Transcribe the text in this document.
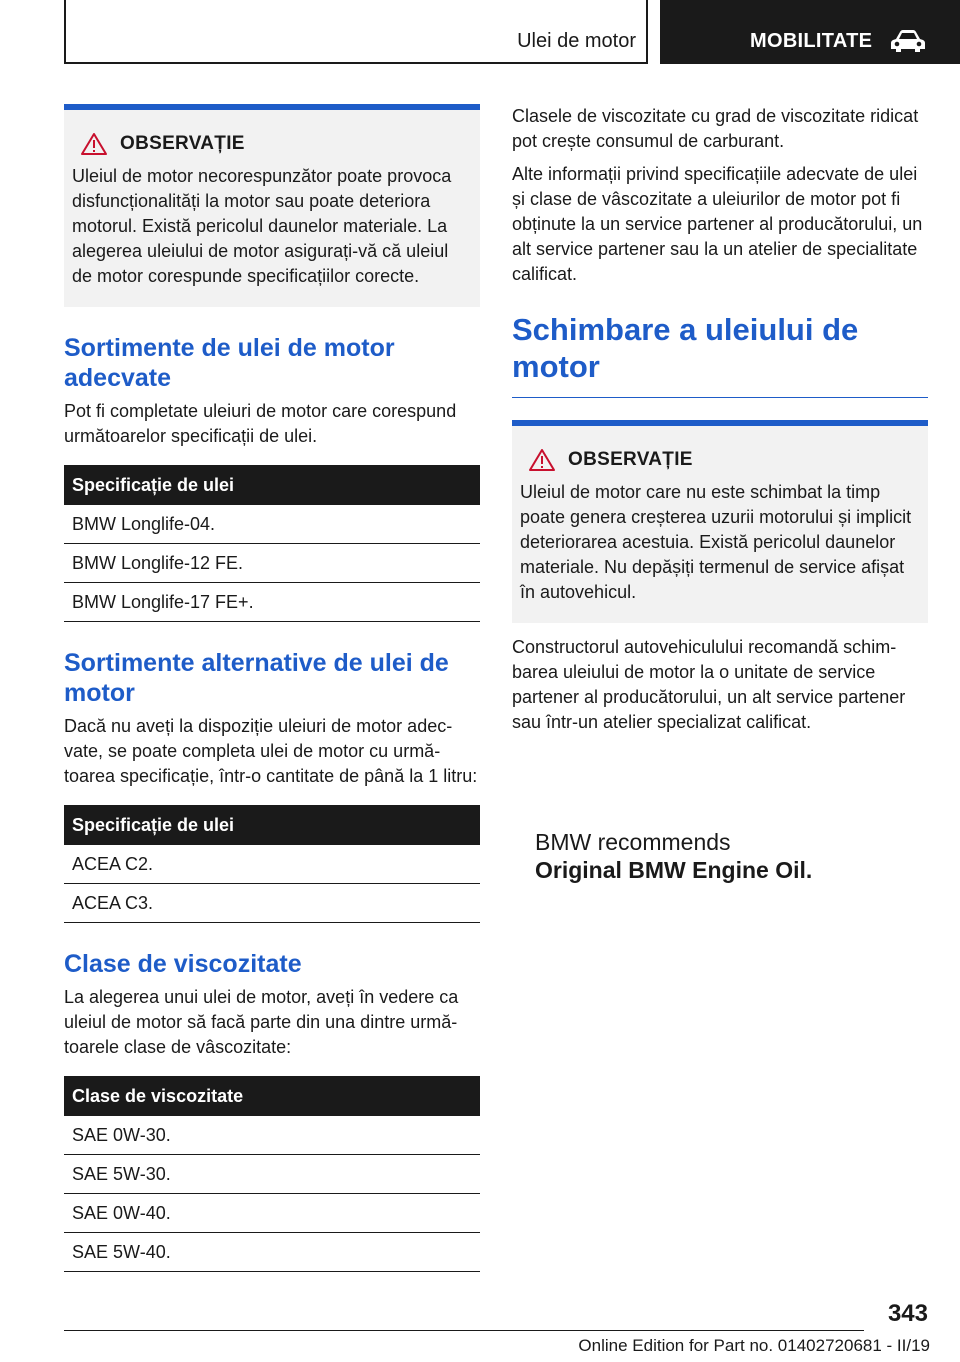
Ulei de motor	MOBILITATE
OBSERVAȚIE
Uleiul de motor necorespunzător poate provoca disfuncționalități la motor sau poate deteriora motorul. Există pericolul daunelor materiale. La alegerea uleiului de motor asigurați-vă că uleiul de motor corespunde specificațiilor corecte.
Sortimente de ulei de motor adecvate

Pot fi completate uleiuri de motor care corespund următoarelor specificații de ulei.

Specificație de ulei
BMW Longlife-04.
BMW Longlife-12 FE.
BMW Longlife-17 FE+.
Sortimente alternative de ulei de motor

Dacă nu aveți la dispoziție uleiuri de motor adecvate, se poate completa ulei de motor cu următoarea specificație, într-o cantitate de până la 1 litru:

Specificație de ulei
ACEA C2.
ACEA C3.
Clase de viscozitate

La alegerea unui ulei de motor, aveți în vedere ca uleiul de motor să facă parte din una dintre următoarele clase de vâscozitate:

Clase de viscozitate
SAE 0W-30.
SAE 5W-30.
SAE 0W-40.
SAE 5W-40.

Clasele de viscozitate cu grad de viscozitate ridicat pot crește consumul de carburant.

Alte informații privind specificațiile adecvate de ulei și clase de vâscozitate a uleiurilor de motor pot fi obținute la un service partener al producătorului, un alt service partener sau la un atelier de specialitate calificat.

Schimbare a uleiului de motor
OBSERVAȚIE
Uleiul de motor care nu este schimbat la timp poate genera creșterea uzurii motorului și implicit deteriorarea acestuia. Există pericolul daunelor materiale. Nu depășiți termenul de service afișat în autovehicul.

Constructorul autovehiculului recomandă schimbarea uleiului de motor la o unitate de service partener al producătorului, un alt service partener sau într-un atelier specializat calificat.

BMW recommends
Original BMW Engine Oil.
343
Online Edition for Part no. 01402720681 - II/19
